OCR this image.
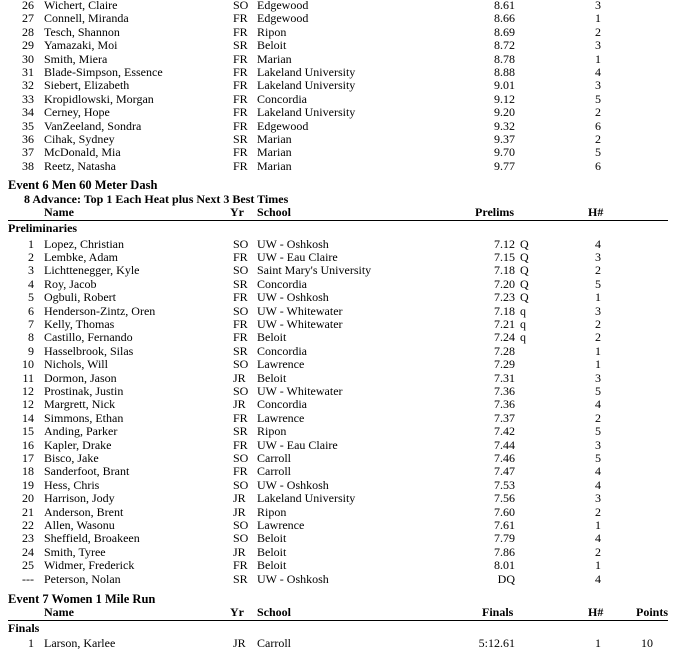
26 Wichert, Claire	SO Edgewood	8.61	3
27 Connell, Miranda	FR Edgewood	8.66	1
28 Tesch, Shannon	FR Ripon	8.69	2
29 Yamazaki, Moi	SR Beloit	8.72	3
30 Smith, Miera	FR Marian	8.78	1
31 Blade-Simpson, Essence	FR Lakeland University	8.88	4
32 Siebert, Elizabeth	FR Lakeland University	9.01	3
33 Kropidlowski, Morgan	FR Concordia	9.12	5
34 Cerney, Hope	FR Lakeland University	9.20	2
35 VanZeeland, Sondra	FR Edgewood	9.32	6
36 Cihak, Sydney	SR Marian	9.37	2
37 McDonald, Mia	FR Marian	9.70	5
38 Reetz, Natasha	FR Marian	9.77	6
Event 6 Men 60 Meter Dash
8 Advance: Top 1 Each Heat plus Next 3 Best Times
Name	Yr School	Prelims	H#
Preliminaries
1 Lopez, Christian	SO UW - Oshkosh	7.12 Q	4
2 Lembke, Adam	FR UW - Eau Claire	7.15 Q	3
3 Lichttenegger, Kyle	SO Saint Mary's University	7.18 Q	2
4 Roy, Jacob	SR Concordia	7.20 Q	5
5 Ogbuli, Robert	FR UW - Oshkosh	7.23 Q	1
6 Henderson-Zintz, Oren	SO UW - Whitewater	7.18 q	3
7 Kelly, Thomas	FR UW - Whitewater	7.21 q	2
8 Castillo, Fernando	FR Beloit	7.24 q	2
9 Hasselbrook, Silas	SR Concordia	7.28	1
10 Nichols, Will	SO Lawrence	7.29	1
11 Dormon, Jason	JR Beloit	7.31	3
12 Prostinak, Justin	SO UW - Whitewater	7.36	5
12 Margrett, Nick	JR Concordia	7.36	4
14 Simmons, Ethan	FR Lawrence	7.37	2
15 Anding, Parker	SR Ripon	7.42	5
16 Kapler, Drake	FR UW - Eau Claire	7.44	3
17 Bisco, Jake	SO Carroll	7.46	5
18 Sanderfoot, Brant	FR Carroll	7.47	4
19 Hess, Chris	SO UW - Oshkosh	7.53	4
20 Harrison, Jody	JR Lakeland University	7.56	3
21 Anderson, Brent	JR Ripon	7.60	2
22 Allen, Wasonu	SO Lawrence	7.61	1
23 Sheffield, Broakeen	SO Beloit	7.79	4
24 Smith, Tyree	JR Beloit	7.86	2
25 Widmer, Frederick	FR Beloit	8.01	1
--- Peterson, Nolan	SR UW - Oshkosh	DQ	4
Event 7 Women 1 Mile Run
Name	Yr School	Finals	H#	Points
Finals
1 Larson, Karlee	JR Carroll	5:12.61	1	10
